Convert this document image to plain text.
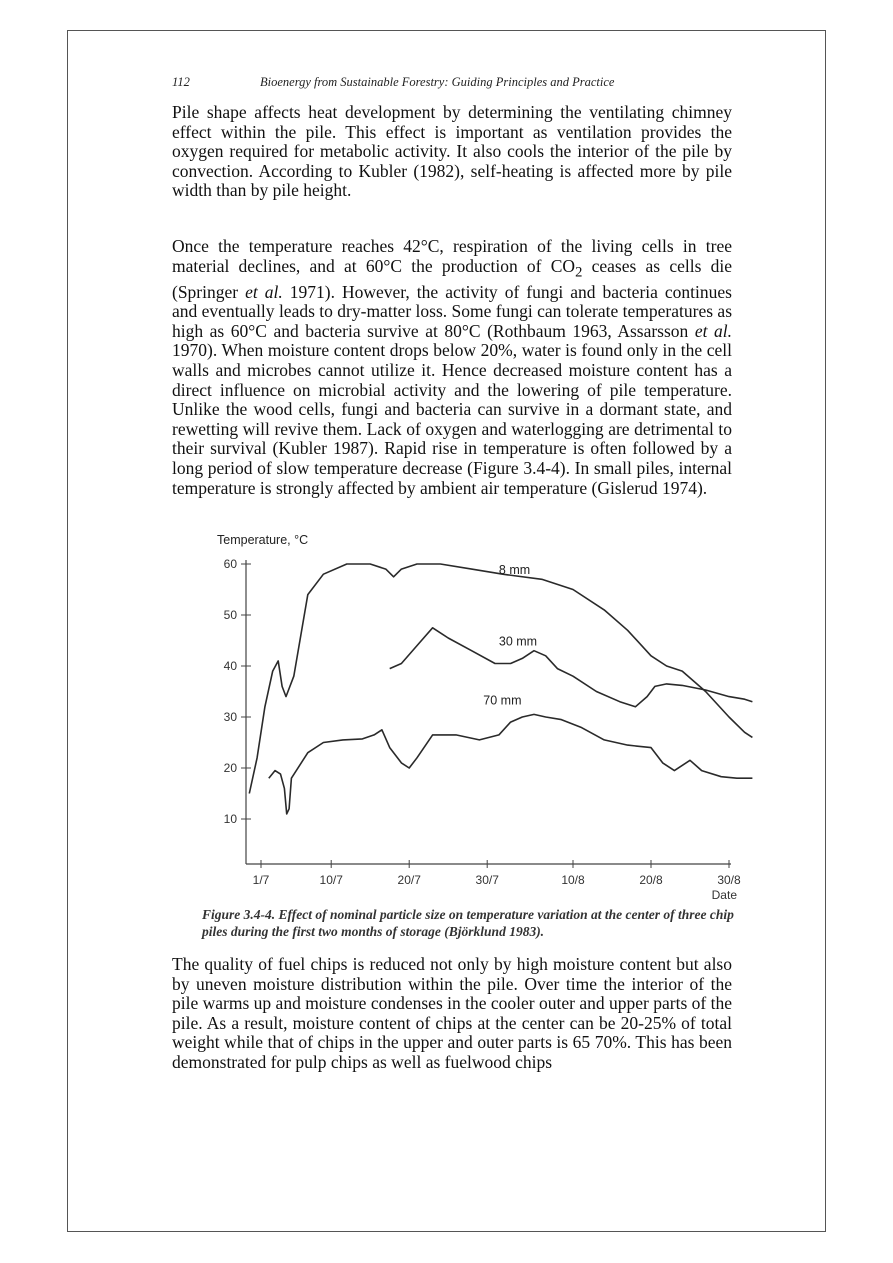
112	Bioenergy from Sustainable Forestry: Guiding Principles and Practice

Pile shape affects heat development by determining the ventilating chimney effect within the pile. This effect is important as ventilation provides the oxygen required for metabolic activity. It also cools the interior of the pile by convection. According to Kubler (1982), self-heating is affected more by pile width than by pile height.

Once the temperature reaches 42°C, respiration of the living cells in tree material declines, and at 60°C the production of $CO_2$ ceases as cells die (Springer et al. 1971). However, the activity of fungi and bacteria continues and eventually leads to dry-matter loss. Some fungi can tolerate temperatures as high as 60°C and bacteria survive at 80°C (Rothbaum 1963, Assarsson et al. 1970). When moisture content drops below 20%, water is found only in the cell walls and microbes cannot utilize it. Hence decreased moisture content has a direct influence on microbial activity and the lowering of pile temperature. Unlike the wood cells, fungi and bacteria can survive in a dormant state, and rewetting will revive them. Lack of oxygen and waterlogging are detrimental to their survival (Kubler 1987). Rapid rise in temperature is often followed by a long period of slow temperature decrease (Figure 3.4-4). In small piles, internal temperature is strongly affected by ambient air temperature (Gislerud 1974).

Temperature, °C
10
20
30
40
50
60
1/7	10/7	20/7	30/7	10/8	20/8	30/8
8 mm
30 mm
70 mm
Date

Figure 3.4-4. Effect of nominal particle size on temperature variation at the center of three chip piles during the first two months of storage (Björklund 1983).

The quality of fuel chips is reduced not only by high moisture content but also by uneven moisture distribution within the pile. Over time the interior of the pile warms up and moisture condenses in the cooler outer and upper parts of the pile. As a result, moisture content of chips at the center can be 20-25% of total weight while that of chips in the upper and outer parts is 65 70%. This has been demonstrated for pulp chips as well as fuelwood chips
